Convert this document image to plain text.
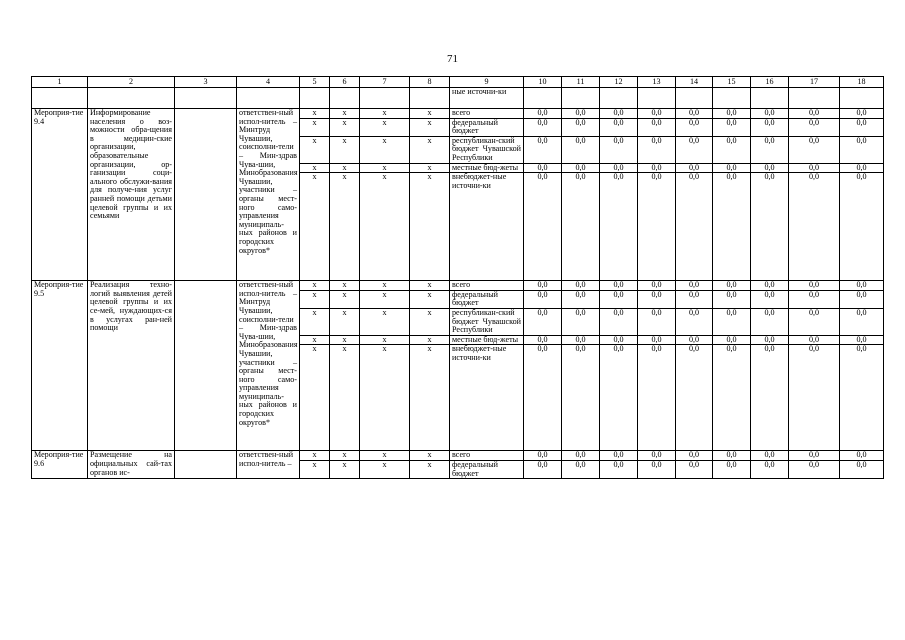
71
1	2	3	4	5	6	7	8	9	10	11	12	13	14	15	16	17	18
								ные источни-ки									
Мероприя-тие 9.4	Информирование населения о воз-можности обра-щения в медицин-ские организации, образовательные организации, ор-ганизации соци-ального обслужи-вания для получе-ния услуг ранней помощи детьми целевой группы и их семьями		ответствен-ный испол-нитель – Минтруд Чувашии, соисполни-тели – Мин-здрав Чува-шии, Минобразования Чувашии, участники – органы мест-ного само-управления муниципаль-ных районов и городских округов*	x	x	x	x	всего	0,0	0,0	0,0	0,0	0,0	0,0	0,0	0,0	0,0
				x	x	x	x	федеральный бюджет	0,0	0,0	0,0	0,0	0,0	0,0	0,0	0,0	0,0
				x	x	x	x	республикан-ский бюджет Чувашской Республики	0,0	0,0	0,0	0,0	0,0	0,0	0,0	0,0	0,0
				x	x	x	x	местные бюд-жеты	0,0	0,0	0,0	0,0	0,0	0,0	0,0	0,0	0,0
				x	x	x	x	внебюджет-ные источни-ки	0,0	0,0	0,0	0,0	0,0	0,0	0,0	0,0	0,0
Мероприя-тие 9.5	Реализация техно-логий выявления детей целевой группы и их се-мей, нуждающих-ся в услугах ран-ней помощи		ответствен-ный испол-нитель – Минтруд Чувашии, соисполни-тели – Мин-здрав Чува-шии, Минобразования Чувашии, участники – органы мест-ного само-управления муниципаль-ных районов и городских округов*	x	x	x	x	всего	0,0	0,0	0,0	0,0	0,0	0,0	0,0	0,0	0,0
				x	x	x	x	федеральный бюджет	0,0	0,0	0,0	0,0	0,0	0,0	0,0	0,0	0,0
				x	x	x	x	республикан-ский бюджет Чувашской Республики	0,0	0,0	0,0	0,0	0,0	0,0	0,0	0,0	0,0
				x	x	x	x	местные бюд-жеты	0,0	0,0	0,0	0,0	0,0	0,0	0,0	0,0	0,0
				x	x	x	x	внебюджет-ные источни-ки	0,0	0,0	0,0	0,0	0,0	0,0	0,0	0,0	0,0
Мероприя-тие 9.6	Размещение на официальных сай-тах органов ис-		ответствен-ный испол-нитель –	x	x	x	x	всего	0,0	0,0	0,0	0,0	0,0	0,0	0,0	0,0	0,0
				x	x	x	x	федеральный бюджет	0,0	0,0	0,0	0,0	0,0	0,0	0,0	0,0	0,0
